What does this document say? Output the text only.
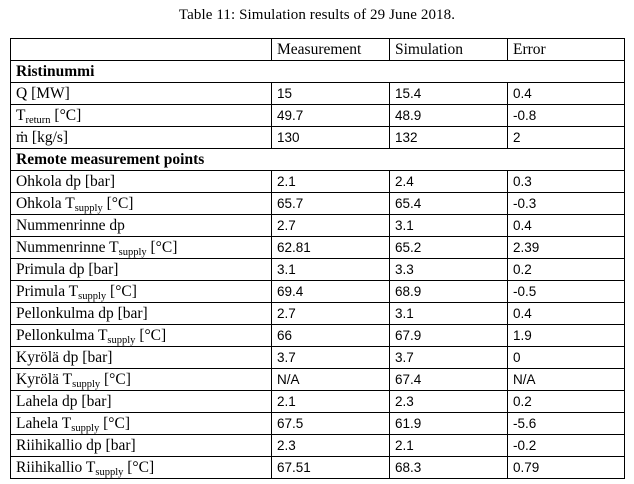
Table 11: Simulation results of 29 June 2018.
	Measurement	Simulation	Error
Ristinummi			
Q [MW]	15	15.4	0.4
$T_{return}$ [°C]	49.7	48.9	-0.8
ṁ [kg/s]	130	132	2
Remote measurement points			
Ohkola dp [bar]	2.1	2.4	0.3
Ohkola $T_{supply}$ [°C]	65.7	65.4	-0.3
Nummenrinne dp	2.7	3.1	0.4
Nummenrinne $T_{supply}$ [°C]	62.81	65.2	2.39
Primula dp [bar]	3.1	3.3	0.2
Primula $T_{supply}$ [°C]	69.4	68.9	-0.5
Pellonkulma dp [bar]	2.7	3.1	0.4
Pellonkulma $T_{supply}$ [°C]	66	67.9	1.9
Kyrölä dp [bar]	3.7	3.7	0
Kyrölä $T_{supply}$ [°C]	N/A	67.4	N/A
Lahela dp [bar]	2.1	2.3	0.2
Lahela $T_{supply}$ [°C]	67.5	61.9	-5.6
Riihikallio dp [bar]	2.3	2.1	-0.2
Riihikallio $T_{supply}$ [°C]	67.51	68.3	0.79
